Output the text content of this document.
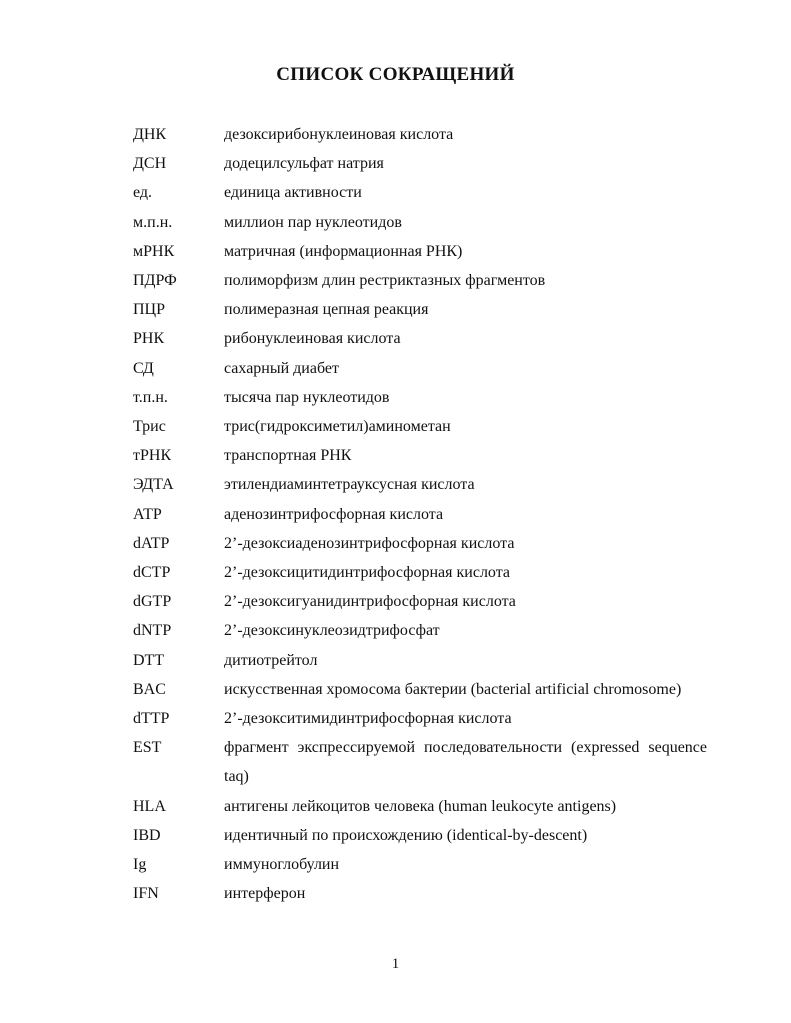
СПИСОК СОКРАЩЕНИЙ
ДНК	дезоксирибонуклеиновая кислота
ДСН	додецилсульфат натрия
ед.	единица активности
м.п.н.	миллион пар нуклеотидов
мРНК	матричная (информационная РНК)
ПДРФ	полиморфизм длин рестриктазных фрагментов
ПЦР	полимеразная цепная реакция
РНК	рибонуклеиновая кислота
СД	сахарный диабет
т.п.н.	тысяча пар нуклеотидов
Трис	трис(гидроксиметил)аминометан
тРНК	транспортная РНК
ЭДТА	этилендиаминтетрауксусная кислота
АТР	аденозинтрифосфорная кислота
dATP	2’-дезоксиаденозинтрифосфорная кислота
dCTP	2’-дезоксицитидинтрифосфорная кислота
dGTP	2’-дезоксигуанидинтрифосфорная кислота
dNTP	2’-дезоксинуклеозидтрифосфат
DTT	дитиотрейтол
BAC	искусственная хромосома бактерии (bacterial artificial chromosome)
dTTP	2’-дезокситимидинтрифосфорная кислота
EST	фрагмент экспрессируемой последовательности (expressed sequence taq)
HLA	антигены лейкоцитов человека (human leukocyte antigens)
IBD	идентичный по происхождению (identical-by-descent)
Ig	иммуноглобулин
IFN	интерферон
1
